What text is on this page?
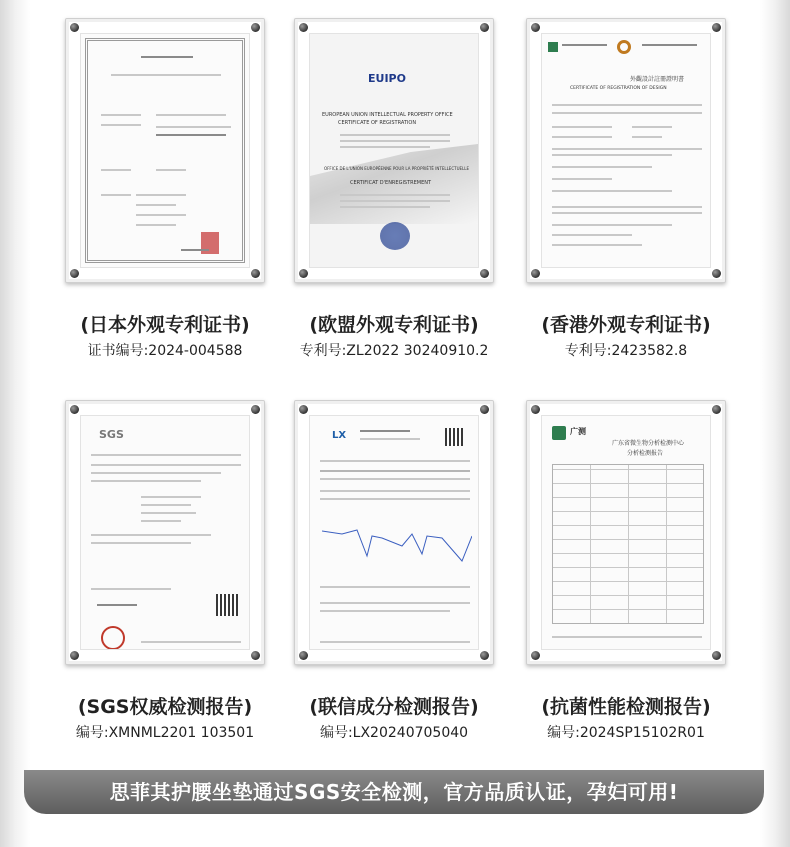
(日本外观专利证书)
证书编号:2024-004588
EUIPO
EUROPEAN UNION INTELLECTUAL PROPERTY OFFICE
CERTIFICATE OF REGISTRATION
OFFICE DE L'UNION EUROPÉENNE POUR LA PROPRIÉTÉ INTELLECTUELLE
CERTIFICAT D'ENREGISTREMENT
(欧盟外观专利证书)
专利号:ZL2022 30240910.2
外觀設計註冊證明書
CERTIFICATE OF REGISTRATION OF DESIGN
(香港外观专利证书)
专利号:2423582.8
SGS
(SGS权威检测报告)
编号:XMNML2201 103501
LX
(联信成分检测报告)
编号:LX20240705040
广测
广东省微生物分析检测中心
分析检测报告
(抗菌性能检测报告)
编号:2024SP15102R01
思菲其护腰坐垫通过SGS安全检测，官方品质认证，孕妇可用!
